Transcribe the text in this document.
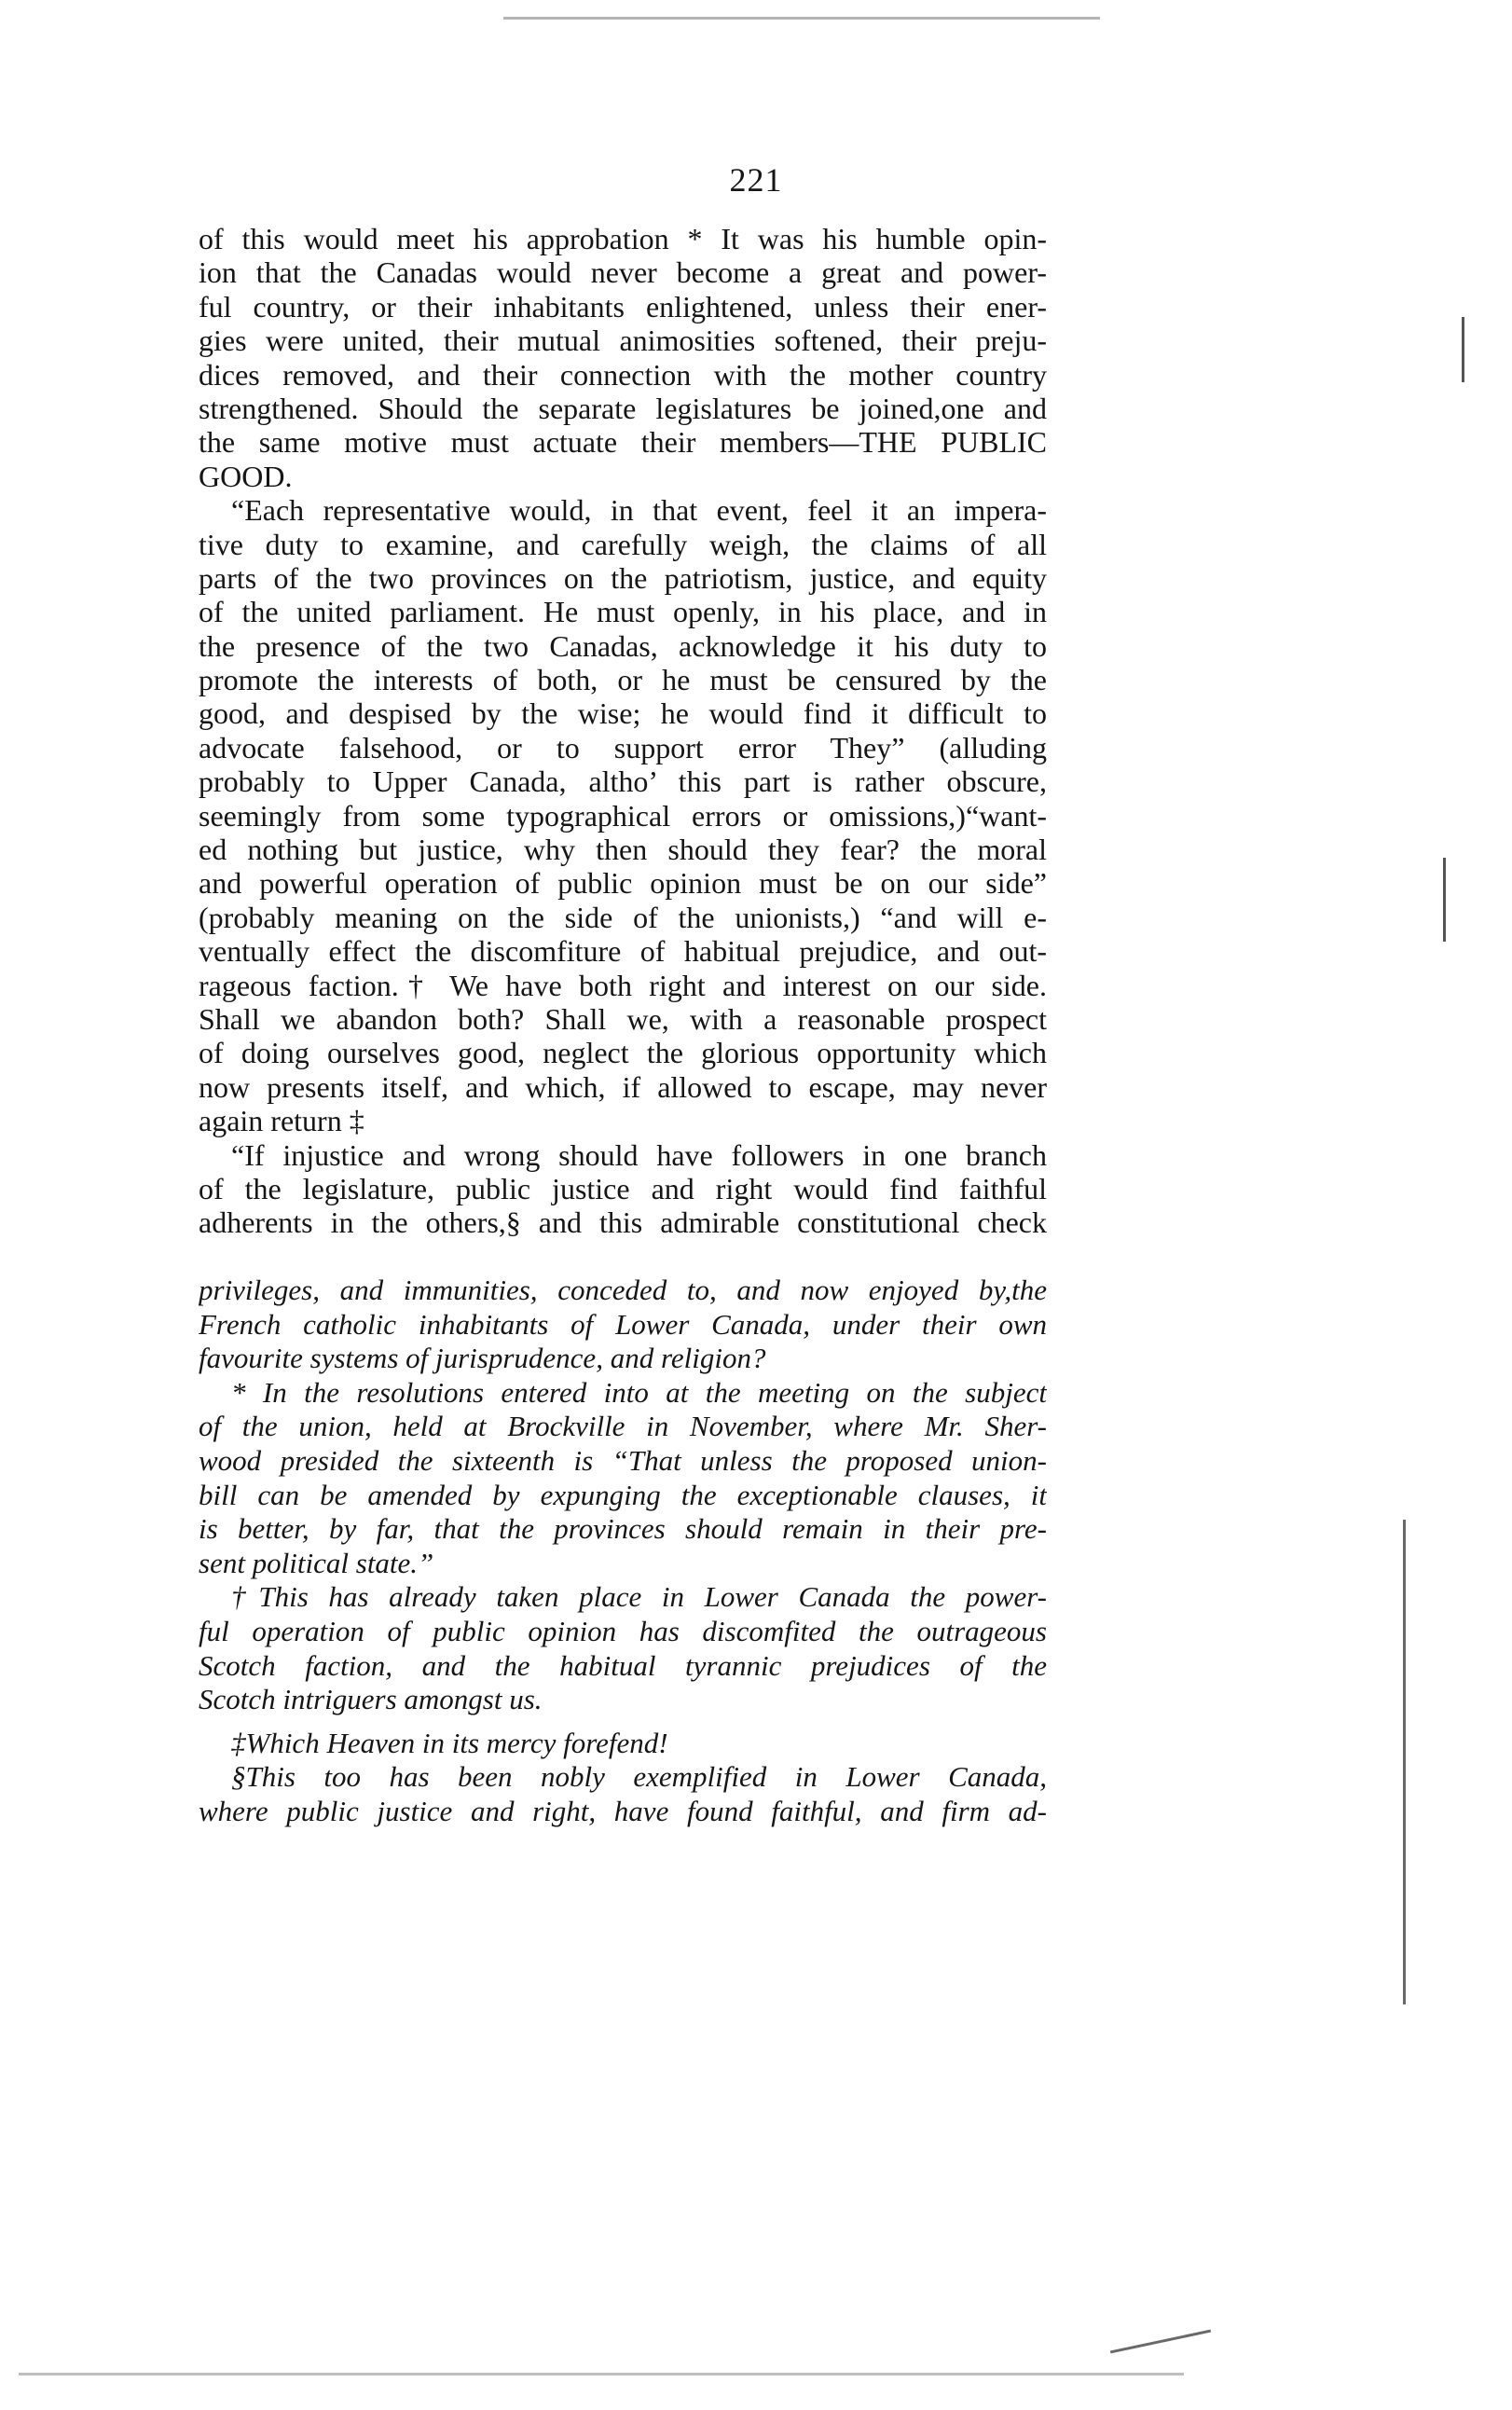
221
of this would meet his approbation * It was his humble opin-
ion that the Canadas would never become a great and power-
ful country, or their inhabitants enlightened, unless their ener-
gies were united, their mutual animosities softened, their preju-
dices removed, and their connection with the mother country
strengthened. Should the separate legislatures be joined,one and
the same motive must actuate their members—THE PUBLIC
GOOD.
“Each representative would, in that event, feel it an impera-
tive duty to examine, and carefully weigh, the claims of all
parts of the two provinces on the patriotism, justice, and equity
of the united parliament. He must openly, in his place, and in
the presence of the two Canadas, acknowledge it his duty to
promote the interests of both, or he must be censured by the
good, and despised by the wise; he would find it difficult to
advocate falsehood, or to support error They” (alluding
probably to Upper Canada, altho’ this part is rather obscure,
seemingly from some typographical errors or omissions,)“want-
ed nothing but justice, why then should they fear? the moral
and powerful operation of public opinion must be on our side”
(probably meaning on the side of the unionists,) “and will e-
ventually effect the discomfiture of habitual prejudice, and out-
rageous faction.† We have both right and interest on our side.
Shall we abandon both? Shall we, with a reasonable prospect
of doing ourselves good, neglect the glorious opportunity which
now presents itself, and which, if allowed to escape, may never
again return ‡
“If injustice and wrong should have followers in one branch
of the legislature, public justice and right would find faithful
adherents in the others,§ and this admirable constitutional check
privileges, and immunities, conceded to, and now enjoyed by,the
French catholic inhabitants of Lower Canada, under their own
favourite systems of jurisprudence, and religion?
* In the resolutions entered into at the meeting on the subject
of the union, held at Brockville in November, where Mr. Sher-
wood presided the sixteenth is “That unless the proposed union-
bill can be amended by expunging the exceptionable clauses, it
is better, by far, that the provinces should remain in their pre-
sent political state.”
†This has already taken place in Lower Canada the power-
ful operation of public opinion has discomfited the outrageous
Scotch faction, and the habitual tyrannic prejudices of the
Scotch intriguers amongst us.
‡Which Heaven in its mercy forefend!
§This too has been nobly exemplified in Lower Canada,
where public justice and right, have found faithful, and firm ad-
